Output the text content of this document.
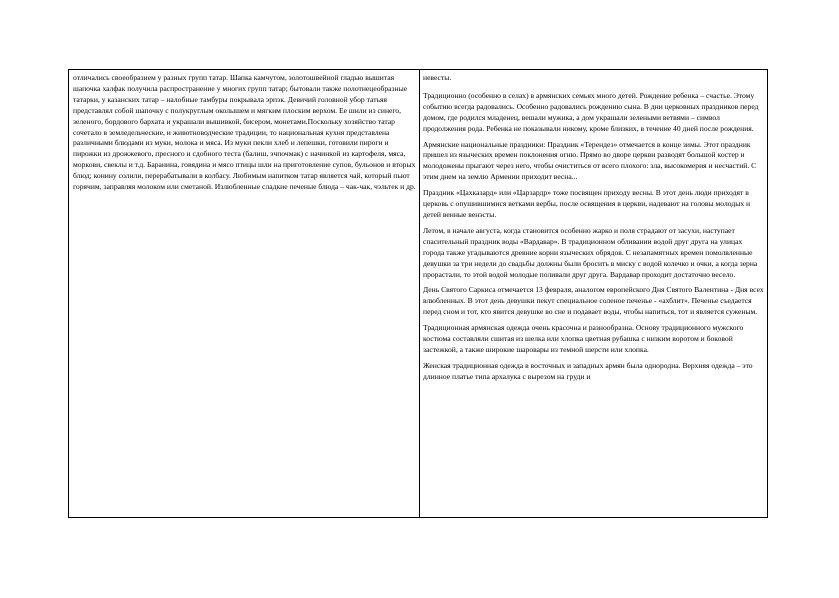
отличались своеобразием у разных групп татар. Шапка камчутом, золотошвейной гладью вышитая шапочка халфак получила распространение у многих групп татар; бытовали также полотнецеобразные татарки, у казанских татар – налобные тамбуры покрывала эрпэк. Девичий головной убор татьяя представлял собой шапочку с полукруглым околышем и мягким плоским верхом. Ее шили из синего, зеленого, бордового бархата и украшали вышивкой, бисером, монетами.Поскольку хозяйство татар сочетало в земледельческие, и животноводческие традиции, то национальная кухня представлена различными блюдами из муки, молока и мяса. Из муки пекли хлеб и лепешки, готовили пироги и пирожки из дрожжевого, пресного и сдобного теста (балиш, эчпочмак) с начинкой из картофеля, мяса, моркови, свеклы и т.д. Баранина, говядина и мясо птицы шли на приготовление супов, бульонов и вторых блюд; конину солили, перерабатывали в колбасу. Любимым напитком татар является чай, который пьют горячим, заправляя молоком или сметаной. Излюбленные сладкие печеные блюда – чак-чак, чэльтек и др.

невесты.

Традиционно (особенно в селах) в армянских семьях много детей. Рождение ребенка – счастье. Этому событию всегда радовались. Особенно радовались рождению сына. В дни церковных праздников перед домом, где родился младенец, вешали мужика, а дом украшали зелеными ветвями – символ продолжения рода. Ребенка не показывали никому, кроме близких, в течение 40 дней после рождения.

Армянские национальные праздники: Праздник «Терендез» отмечается в конце зимы. Этот праздник пришел из языческих времен поклонения огню. Прямо во дворе церкви разводят большой костер и молодожены прыгают через него, чтобы очиститься от всего плохого: зла, высокомерия и несчастий. С этим днем на землю Армении приходит весна...

Праздник «Цахказард» или «Царзардр» тоже посвящен приходу весны. В этот день люди приходят в церковь с опушившимися ветками вербы, после освящения в церкви, надевают на головы молодых и детей венные венэсты.

Летом, в начале августа, когда становится особенно жарко и поля страдают от засухи, наступает спасительный праздник воды «Вардавар». В традиционном обливании водой друг друга на улицах города также угадываются древние корни языческих обрядов. С незапамятных времен помолвленные девушки за три недели до свадьбы должны были бросить в миску с водой колечко и очки, а когда зерна прорастали, то этой водой молодые поливали друг друга. Вардавар проходит достаточно весело.

День Святого Саркиса отмечается 13 февраля, аналогом европейского Дня Святого Валентина - Дня всех влюбленных. В этот день девушки пекут специальное соленое печенье - «ахблит». Печенье съедается перед сном и тот, кто явится девушке во сне и подавает воды, чтобы напиться, тот и является суженым.

Традиционная армянская одежда очень красочна и разнообразна. Основу традиционного мужского костюма составляли сшитая из шелка или хлопка цветная рубашка с низким воротом и боковой застежкой, а также широкие шаровары из темной шерсти или хлопка.

Женская традиционная одежда в восточных и западных армян была однородна. Верхняя одежда – это длинное платье типа архалука с вырезом на груди и
